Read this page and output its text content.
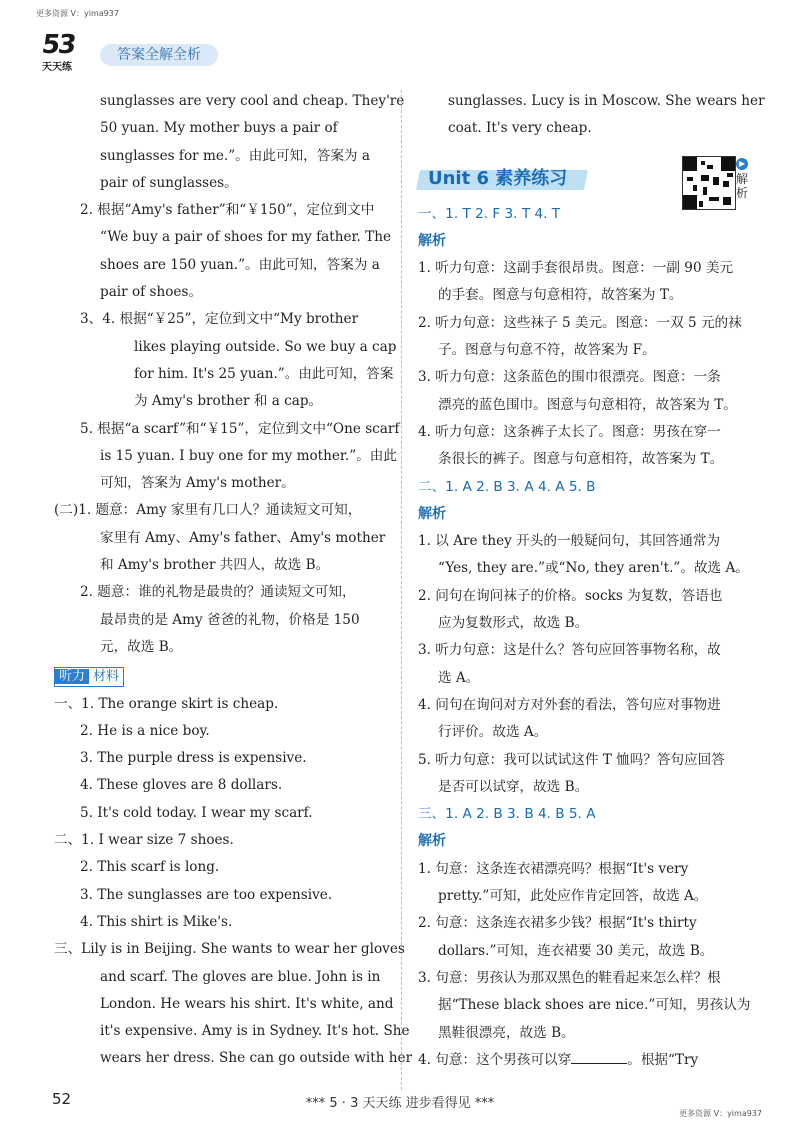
更多资源 V：yima937
53
天天练
答案全解全析
sunglasses are very cool and cheap. They're
50 yuan. My mother buys a pair of
sunglasses for me.”。由此可知，答案为 a
pair of sunglasses。
2. 根据“Amy's father”和“￥150”，定位到文中
“We buy a pair of shoes for my father. The
shoes are 150 yuan.”。由此可知，答案为 a
pair of shoes。
3、4. 根据“￥25”，定位到文中“My brother
likes playing outside. So we buy a cap
for him. It's 25 yuan.”。由此可知，答案
为 Amy's brother 和 a cap。
5. 根据“a scarf”和“￥15”，定位到文中“One scarf
is 15 yuan. I buy one for my mother.”。由此
可知，答案为 Amy's mother。
(二)1. 题意：Amy 家里有几口人？通读短文可知，
家里有 Amy、Amy's father、Amy's mother
和 Amy's brother 共四人，故选 B。
2. 题意：谁的礼物是最贵的？通读短文可知，
最昂贵的是 Amy 爸爸的礼物，价格是 150
元，故选 B。
听力 材料
一、1. The orange skirt is cheap.
2. He is a nice boy.
3. The purple dress is expensive.
4. These gloves are 8 dollars.
5. It's cold today. I wear my scarf.
二、1. I wear size 7 shoes.
2. This scarf is long.
3. The sunglasses are too expensive.
4. This shirt is Mike's.
三、Lily is in Beijing. She wants to wear her gloves
and scarf. The gloves are blue. John is in
London. He wears his shirt. It's white, and
it's expensive. Amy is in Sydney. It's hot. She
wears her dress. She can go outside with her
sunglasses. Lucy is in Moscow. She wears her
coat. It's very cheap.
一、1. T 2. F 3. T 4. T
解析
1. 听力句意：这副手套很昂贵。图意：一副 90 美元
的手套。图意与句意相符，故答案为 T。
2. 听力句意：这些袜子 5 美元。图意：一双 5 元的袜
子。图意与句意不符，故答案为 F。
3. 听力句意：这条蓝色的围巾很漂亮。图意：一条
漂亮的蓝色围巾。图意与句意相符，故答案为 T。
4. 听力句意：这条裤子太长了。图意：男孩在穿一
条很长的裤子。图意与句意相符，故答案为 T。
二、1. A 2. B 3. A 4. A 5. B
解析
1. 以 Are they 开头的一般疑问句，其回答通常为
“Yes, they are.”或“No, they aren't.”。故选 A。
2. 问句在询问袜子的价格。socks 为复数，答语也
应为复数形式，故选 B。
3. 听力句意：这是什么？答句应回答事物名称，故
选 A。
4. 问句在询问对方对外套的看法，答句应对事物进
行评价。故选 A。
5. 听力句意：我可以试试这件 T 恤吗？答句应回答
是否可以试穿，故选 B。
三、1. A 2. B 3. B 4. B 5. A
解析
1. 句意：这条连衣裙漂亮吗？根据“It's very
pretty.”可知，此处应作肯定回答，故选 A。
2. 句意：这条连衣裙多少钱？根据“It's thirty
dollars.”可知，连衣裙要 30 美元，故选 B。
3. 句意：男孩认为那双黑色的鞋看起来怎么样？根
据“These black shoes are nice.”可知，男孩认为
黑鞋很漂亮，故选 B。
4. 句意：这个男孩可以穿	。根据“Try
Unit 6 素养练习
▶
解析
52	*** 5 · 3 天天练 进步看得见 ***
更多资源 V：yima937
